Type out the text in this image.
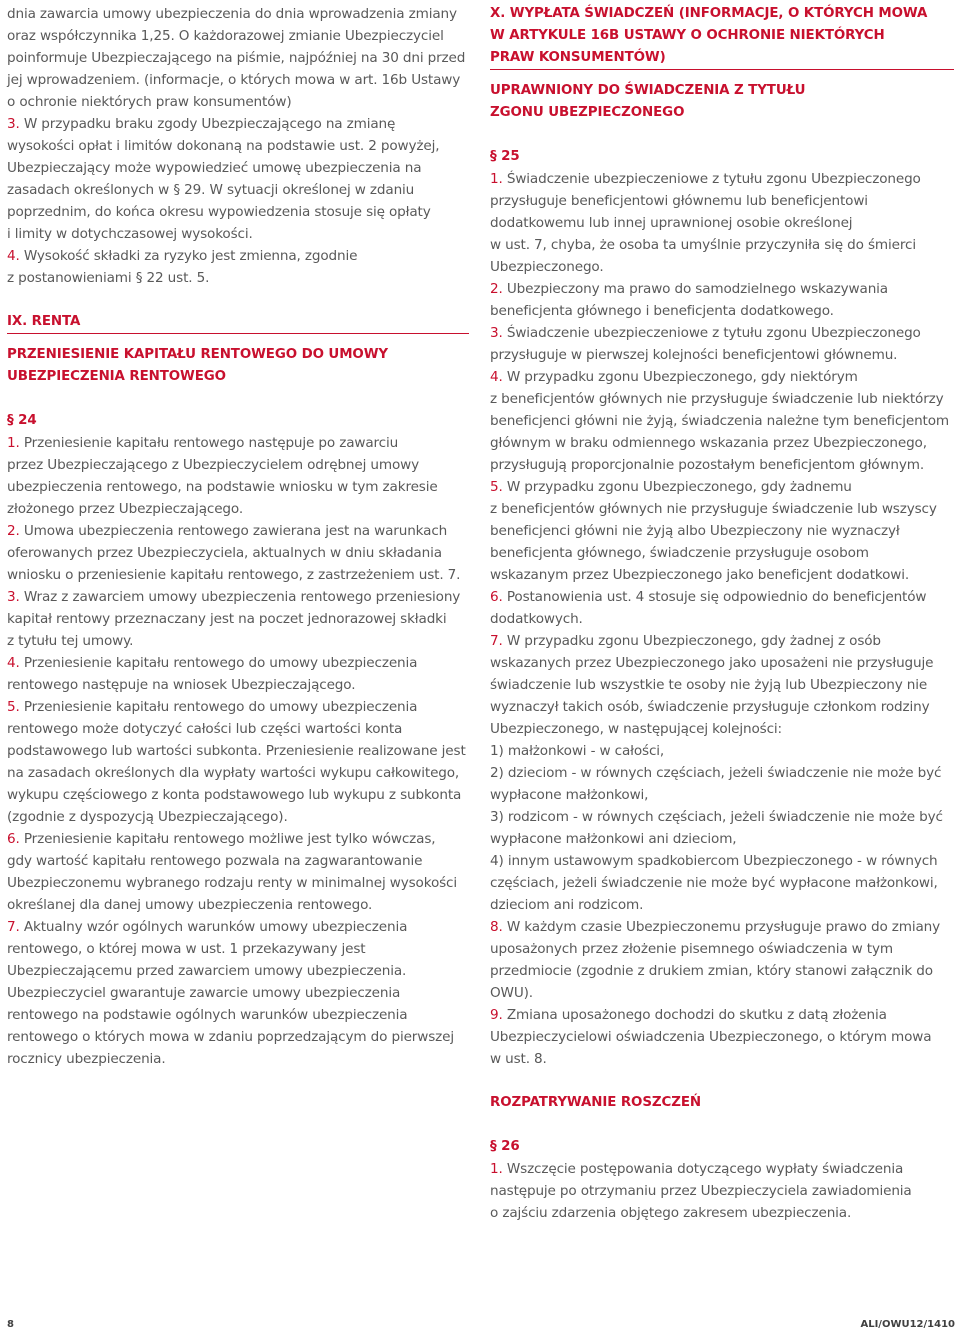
dnia zawarcia umowy ubezpieczenia do dnia wprowadzenia zmiany

oraz współczynnika 1,25. O każdorazowej zmianie Ubezpieczyciel

poinformuje Ubezpieczającego na piśmie, najpóźniej na 30 dni przed

jej wprowadzeniem. (informacje, o których mowa w art. 16b Ustawy

o ochronie niektórych praw konsumentów)

3. W przypadku braku zgody Ubezpieczającego na zmianę

wysokości opłat i limitów dokonaną na podstawie ust. 2 powyżej,

Ubezpieczający może wypowiedzieć umowę ubezpieczenia na

zasadach określonych w § 29. W sytuacji określonej w zdaniu

poprzednim, do końca okresu wypowiedzenia stosuje się opłaty

i limity w dotychczasowej wysokości.

4. Wysokość składki za ryzyko jest zmienna, zgodnie

z postanowieniami § 22 ust. 5.

IX. RENTA

PRZENIESIENIE KAPITAŁU RENTOWEGO DO UMOWY

UBEZPIECZENIA RENTOWEGO

§ 24

1. Przeniesienie kapitału rentowego następuje po zawarciu

przez Ubezpieczającego z Ubezpieczycielem odrębnej umowy

ubezpieczenia rentowego, na podstawie wniosku w tym zakresie

złożonego przez Ubezpieczającego.

2. Umowa ubezpieczenia rentowego zawierana jest na warunkach

oferowanych przez Ubezpieczyciela, aktualnych w dniu składania

wniosku o przeniesienie kapitału rentowego, z zastrzeżeniem ust. 7.

3. Wraz z zawarciem umowy ubezpieczenia rentowego przeniesiony

kapitał rentowy przeznaczany jest na poczet jednorazowej składki

z tytułu tej umowy.

4. Przeniesienie kapitału rentowego do umowy ubezpieczenia

rentowego następuje na wniosek Ubezpieczającego.

5. Przeniesienie kapitału rentowego do umowy ubezpieczenia

rentowego może dotyczyć całości lub części wartości konta

podstawowego lub wartości subkonta. Przeniesienie realizowane jest

na zasadach określonych dla wypłaty wartości wykupu całkowitego,

wykupu częściowego z konta podstawowego lub wykupu z subkonta

(zgodnie z dyspozycją Ubezpieczającego).

6. Przeniesienie kapitału rentowego możliwe jest tylko wówczas,

gdy wartość kapitału rentowego pozwala na zagwarantowanie

Ubezpieczonemu wybranego rodzaju renty w minimalnej wysokości

określanej dla danej umowy ubezpieczenia rentowego.

7. Aktualny wzór ogólnych warunków umowy ubezpieczenia

rentowego, o której mowa w ust. 1 przekazywany jest

Ubezpieczającemu przed zawarciem umowy ubezpieczenia.

Ubezpieczyciel gwarantuje zawarcie umowy ubezpieczenia

rentowego na podstawie ogólnych warunków ubezpieczenia

rentowego o których mowa w zdaniu poprzedzającym do pierwszej

rocznicy ubezpieczenia.

X. WYPŁATA ŚWIADCZEŃ (INFORMACJE, O KTÓRYCH MOWA

W ARTYKULE 16B USTAWY O OCHRONIE NIEKTÓRYCH

PRAW KONSUMENTÓW)

UPRAWNIONY DO ŚWIADCZENIA Z TYTUŁU

ZGONU UBEZPIECZONEGO

§ 25

1. Świadczenie ubezpieczeniowe z tytułu zgonu Ubezpieczonego

przysługuje beneficjentowi głównemu lub beneficjentowi

dodatkowemu lub innej uprawnionej osobie określonej

w ust. 7, chyba, że osoba ta umyślnie przyczyniła się do śmierci

Ubezpieczonego.

2. Ubezpieczony ma prawo do samodzielnego wskazywania

beneficjenta głównego i beneficjenta dodatkowego.

3. Świadczenie ubezpieczeniowe z tytułu zgonu Ubezpieczonego

przysługuje w pierwszej kolejności beneficjentowi głównemu.

4. W przypadku zgonu Ubezpieczonego, gdy niektórym

z beneficjentów głównych nie przysługuje świadczenie lub niektórzy

beneficjenci główni nie żyją, świadczenia należne tym beneficjentom

głównym w braku odmiennego wskazania przez Ubezpieczonego,

przysługują proporcjonalnie pozostałym beneficjentom głównym.

5. W przypadku zgonu Ubezpieczonego, gdy żadnemu

z beneficjentów głównych nie przysługuje świadczenie lub wszyscy

beneficjenci główni nie żyją albo Ubezpieczony nie wyznaczył

beneficjenta głównego, świadczenie przysługuje osobom

wskazanym przez Ubezpieczonego jako beneficjent dodatkowi.

6. Postanowienia ust. 4 stosuje się odpowiednio do beneficjentów

dodatkowych.

7. W przypadku zgonu Ubezpieczonego, gdy żadnej z osób

wskazanych przez Ubezpieczonego jako uposażeni nie przysługuje

świadczenie lub wszystkie te osoby nie żyją lub Ubezpieczony nie

wyznaczył takich osób, świadczenie przysługuje członkom rodziny

Ubezpieczonego, w następującej kolejności:

1) małżonkowi - w całości,

2) dzieciom - w równych częściach, jeżeli świadczenie nie może być

wypłacone małżonkowi,

3) rodzicom - w równych częściach, jeżeli świadczenie nie może być

wypłacone małżonkowi ani dzieciom,

4) innym ustawowym spadkobiercom Ubezpieczonego - w równych

częściach, jeżeli świadczenie nie może być wypłacone małżonkowi,

dzieciom ani rodzicom.

8. W każdym czasie Ubezpieczonemu przysługuje prawo do zmiany

uposażonych przez złożenie pisemnego oświadczenia w tym

przedmiocie (zgodnie z drukiem zmian, który stanowi załącznik do

OWU).

9. Zmiana uposażonego dochodzi do skutku z datą złożenia

Ubezpieczycielowi oświadczenia Ubezpieczonego, o którym mowa

w ust. 8.

ROZPATRYWANIE ROSZCZEŃ

§ 26

1. Wszczęcie postępowania dotyczącego wypłaty świadczenia

następuje po otrzymaniu przez Ubezpieczyciela zawiadomienia

o zajściu zdarzenia objętego zakresem ubezpieczenia.

8	ALI/OWU12/1410
